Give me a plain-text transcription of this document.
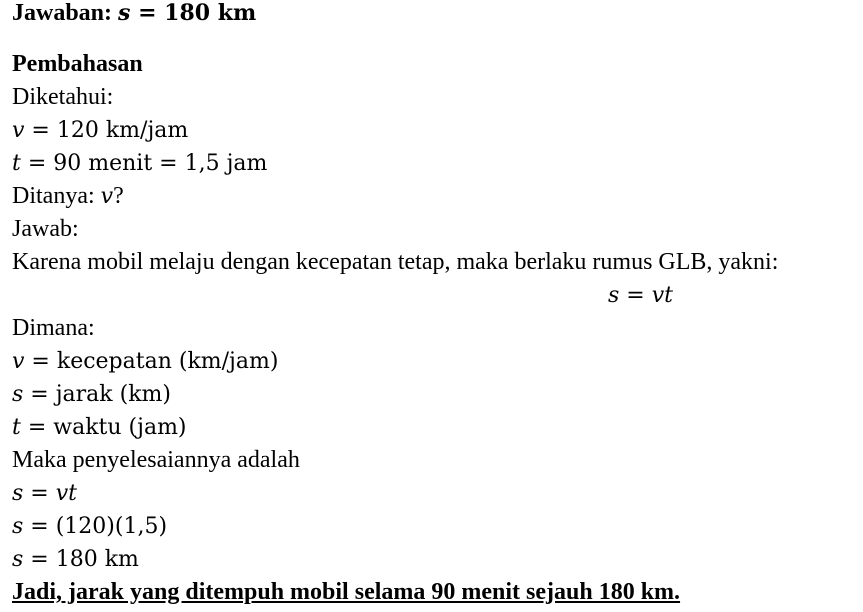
Jawaban: s = 180 km
Pembahasan
Diketahui:
v = 120 km/jam
t = 90 menit = 1,5 jam
Ditanya: v?
Jawab:
Karena mobil melaju dengan kecepatan tetap, maka berlaku rumus GLB, yakni:
s = vt
Dimana:
v = kecepatan (km/jam)
s = jarak (km)
t = waktu (jam)
Maka penyelesaiannya adalah
s = vt
s = (120)(1,5)
s = 180 km
Jadi, jarak yang ditempuh mobil selama 90 menit sejauh 180 km.
